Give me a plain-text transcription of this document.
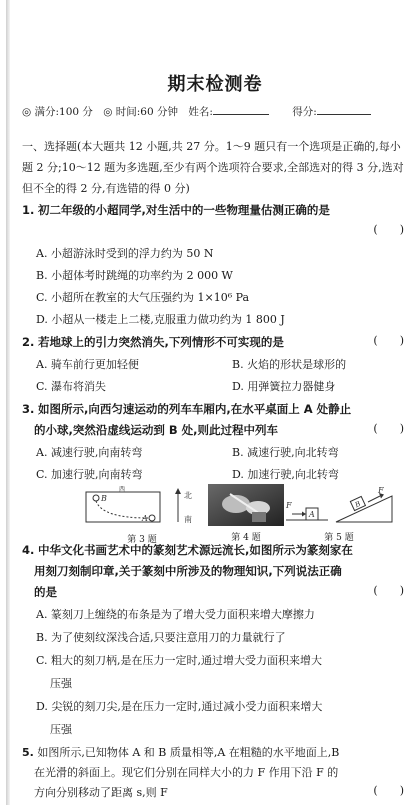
期末检测卷
◎ 满分:100 分 ◎ 时间:60 分钟 姓名:	得分:
一、选择题(本大题共 12 小题,共 27 分。1～9 题只有一个选项是正确的,每小题 2 分;10～12 题为多选题,至少有两个选项符合要求,全部选对的得 3 分,选对但不全的得 2 分,有选错的得 0 分)
1. 初二年级的小超同学,对生活中的一些物理量估测正确的是
(　　)
A. 小超游泳时受到的浮力约为 50 N
B. 小超体考时跳绳的功率约为 2 000 W
C. 小超所在教室的大气压强约为 1×10⁶ Pa
D. 小超从一楼走上二楼,克服重力做功约为 1 800 J
2. 若地球上的引力突然消失,下列情形不可实现的是	(　　)
A. 骑车前行更加轻便	B. 火焰的形状是球形的
C. 瀑布将消失	D. 用弹簧拉力器健身
3. 如图所示,向西匀速运动的列车车厢内,在水平桌面上 A 处静止
的小球,突然沿虚线运动到 B 处,则此过程中列车	(　　)
A. 减速行驶,向南转弯	B. 减速行驶,向北转弯
C. 加速行驶,向南转弯	D. 加速行驶,向北转弯
西
B
A
北
南
第 3 题	第 4 题
F
A
B
F
第 5 题
4. 中华文化书画艺术中的篆刻艺术源远流长,如图所示为篆刻家在
用刻刀刻制印章,关于篆刻中所涉及的物理知识,下列说法正确
的是	(　　)
A. 篆刻刀上缠绕的布条是为了增大受力面积来增大摩擦力
B. 为了使刻纹深浅合适,只要注意用刀的力量就行了
C. 粗大的刻刀柄,是在压力一定时,通过增大受力面积来增大
压强
D. 尖锐的刻刀尖,是在压力一定时,通过减小受力面积来增大
压强
5. 如图所示,已知物体 A 和 B 质量相等,A 在粗糙的水平地面上,B
在光滑的斜面上。现它们分别在同样大小的力 F 作用下沿 F 的
方向分别移动了距离 s,则 F	(　　)
